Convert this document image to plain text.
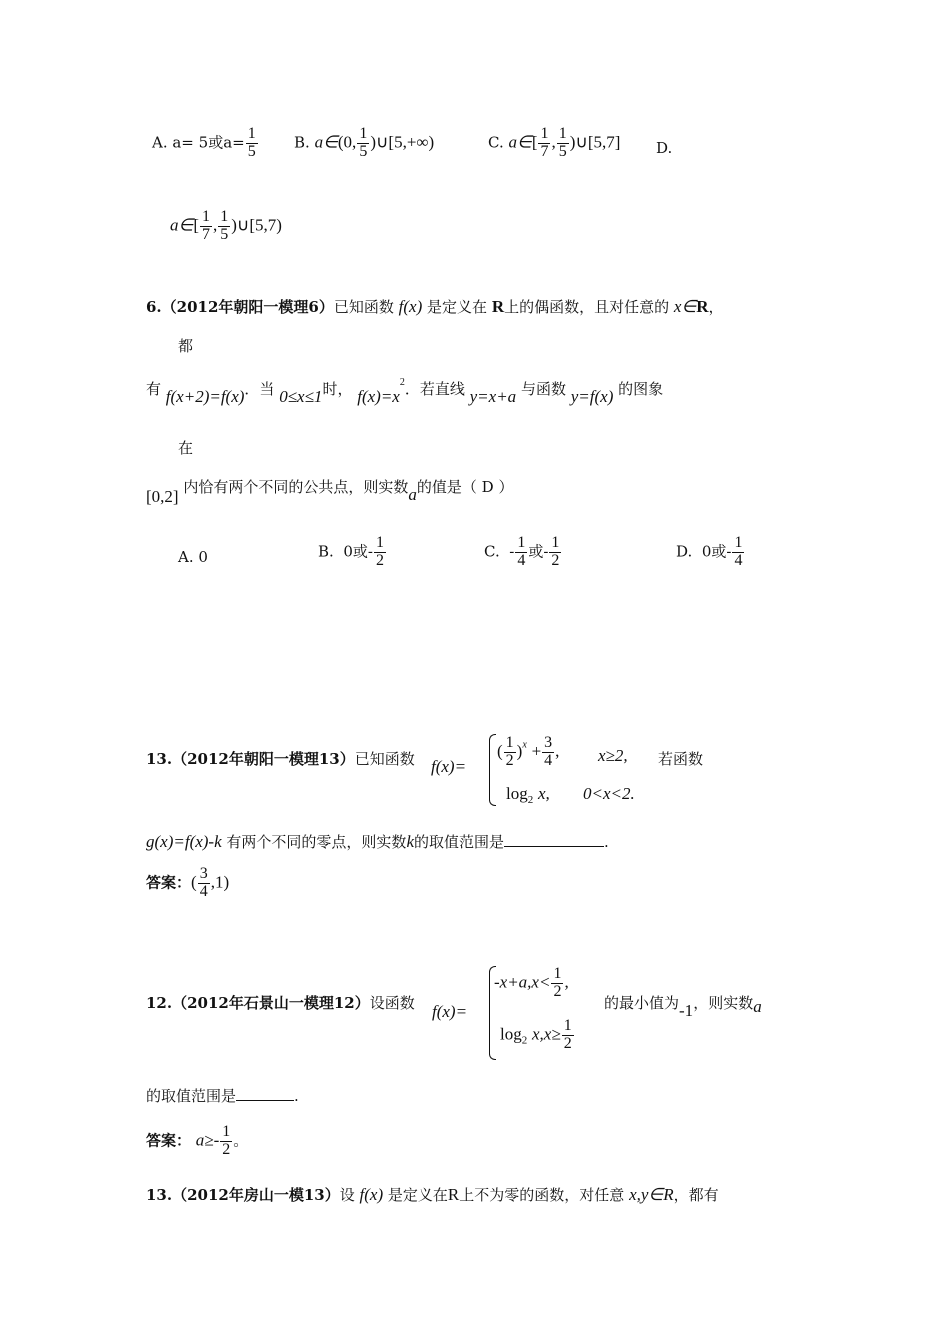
A. a= 5或$a= \frac{1}{5} B$. a∈(0, $\frac{1}{5}$ )∪[5,+∞)	C. a∈[ $\frac{1}{7}$ , $\frac{1}{5}$ )∪[5,7] D.
a∈[ $\frac{1}{7}$ , $\frac{1}{5}$ )∪[5,7)
6.（2012年朝阳一模理6）已知函数 f(x) 是定义在 R上的偶函数，且对任意的 x∈R，
都
有 f(x+2)=f(x)．当 0≤x≤1时， $f(x)=x^2$．若直线 y=x+a 与函数 y=f(x) 的图象
在
[0,2] 内恰有两个不同的公共点，则实数a的值是（ D ）
A. 0	B. 0或- $\frac{1}{2}$	C. - $\frac{1}{4}$ 或- $\frac{1}{2}$	D. 0或- $\frac{1}{4}$
13.（2012年朝阳一模理13）已知函数 f(x)=
( $\frac{1}{2} )^x + \frac{3}{4}$ , x≥2, 若函数
$\log_2 x$, 0<x<2.
g(x)=f(x)-k 有两个不同的零点，则实数k的取值范围是	.
答案：( $\frac{3}{4} ,1$)
12.（2012年石景山一模理12）设函数 f(x)=
$-x+a,x< \frac{1}{2}$ ,
的最小值为-1，则实数a
$\log_2 x,x\ge \frac{1}{2}$
的取值范围是	.
答案： $a\ge- \frac{1}{2}$ 。
13.（2012年房山一模13）设 f(x) 是定义在R上不为零的函数，对任意 x,y∈R，都有
